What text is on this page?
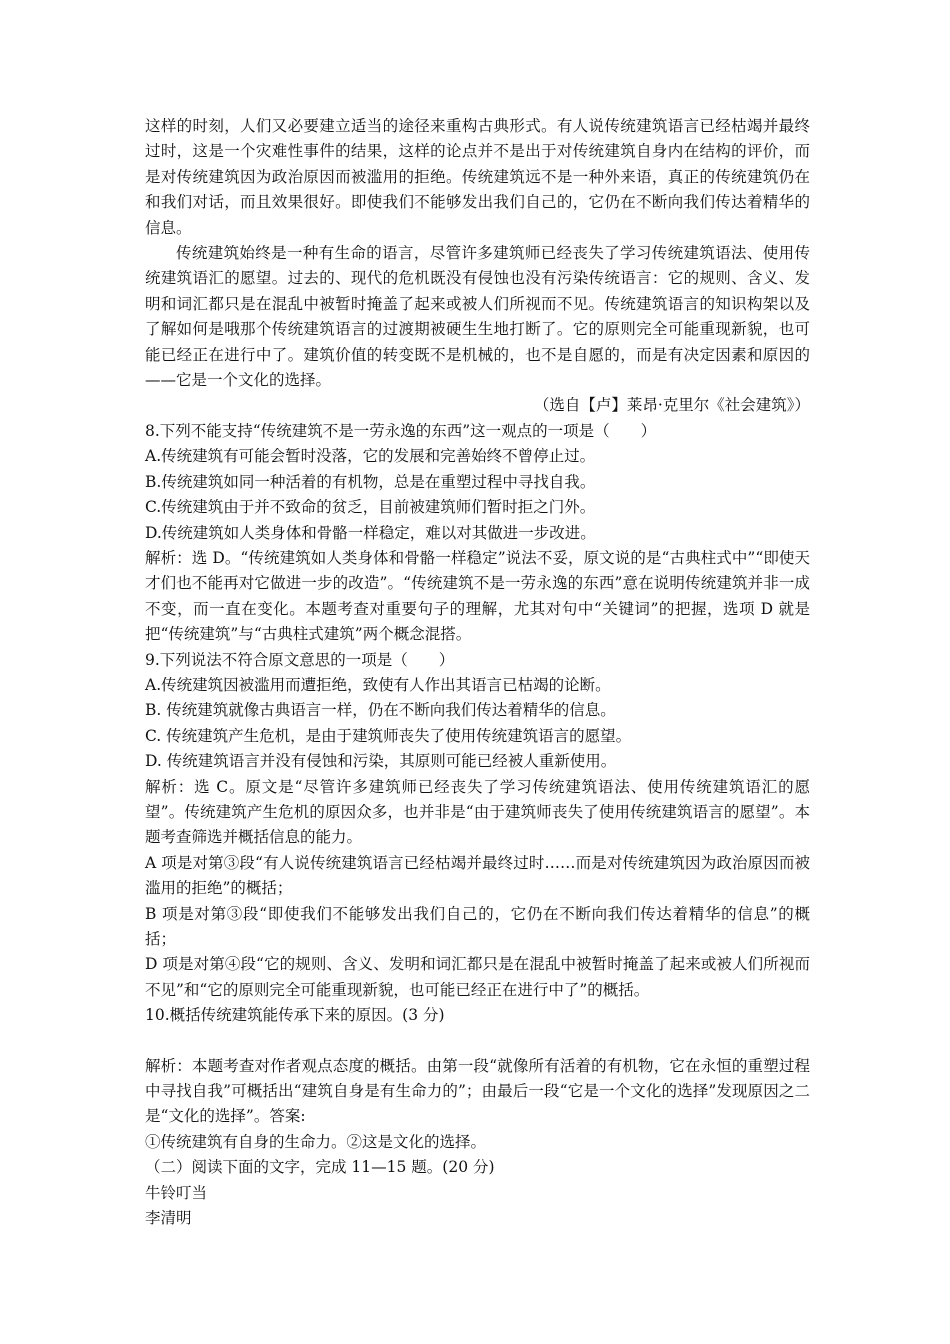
这样的时刻，人们又必要建立适当的途径来重构古典形式。有人说传统建筑语言已经枯竭并最终过时，这是一个灾难性事件的结果，这样的论点并不是出于对传统建筑自身内在结构的评价，而是对传统建筑因为政治原因而被滥用的拒绝。传统建筑远不是一种外来语，真正的传统建筑仍在和我们对话，而且效果很好。即使我们不能够发出我们自己的，它仍在不断向我们传达着精华的信息。

传统建筑始终是一种有生命的语言，尽管许多建筑师已经丧失了学习传统建筑语法、使用传统建筑语汇的愿望。过去的、现代的危机既没有侵蚀也没有污染传统语言：它的规则、含义、发明和词汇都只是在混乱中被暂时掩盖了起来或被人们所视而不见。传统建筑语言的知识构架以及了解如何是哦那个传统建筑语言的过渡期被硬生生地打断了。它的原则完全可能重现新貌，也可能已经正在进行中了。建筑价值的转变既不是机械的，也不是自愿的，而是有决定因素和原因的——它是一个文化的选择。

（选自【卢】莱昂·克里尔《社会建筑》）

8.下列不能支持“传统建筑不是一劳永逸的东西”这一观点的一项是（　　）

A.传统建筑有可能会暂时没落，它的发展和完善始终不曾停止过。

B.传统建筑如同一种活着的有机物，总是在重塑过程中寻找自我。

C.传统建筑由于并不致命的贫乏，目前被建筑师们暂时拒之门外。

D.传统建筑如人类身体和骨骼一样稳定，难以对其做进一步改进。

解析：选 D。“传统建筑如人类身体和骨骼一样稳定”说法不妥，原文说的是“古典柱式中”“即使天才们也不能再对它做进一步的改造”。“传统建筑不是一劳永逸的东西”意在说明传统建筑并非一成不变，而一直在变化。本题考查对重要句子的理解，尤其对句中“关键词”的把握，选项 D 就是把“传统建筑”与“古典柱式建筑”两个概念混搭。

9.下列说法不符合原文意思的一项是（　　）

A.传统建筑因被滥用而遭拒绝，致使有人作出其语言已枯竭的论断。

B. 传统建筑就像古典语言一样，仍在不断向我们传达着精华的信息。

C. 传统建筑产生危机，是由于建筑师丧失了使用传统建筑语言的愿望。

D. 传统建筑语言并没有侵蚀和污染，其原则可能已经被人重新使用。

解析：选 C。原文是“尽管许多建筑师已经丧失了学习传统建筑语法、使用传统建筑语汇的愿望”。传统建筑产生危机的原因众多，也并非是“由于建筑师丧失了使用传统建筑语言的愿望”。本题考查筛选并概括信息的能力。

A 项是对第③段“有人说传统建筑语言已经枯竭并最终过时……而是对传统建筑因为政治原因而被滥用的拒绝”的概括；

B 项是对第③段“即使我们不能够发出我们自己的，它仍在不断向我们传达着精华的信息”的概括；

D 项是对第④段“它的规则、含义、发明和词汇都只是在混乱中被暂时掩盖了起来或被人们所视而不见”和“它的原则完全可能重现新貌，也可能已经正在进行中了”的概括。

10.概括传统建筑能传承下来的原因。(3 分)

解析：本题考查对作者观点态度的概括。由第一段“就像所有活着的有机物，它在永恒的重塑过程中寻找自我”可概括出“建筑自身是有生命力的”；由最后一段“它是一个文化的选择”发现原因之二是“文化的选择”。答案:

①传统建筑有自身的生命力。②这是文化的选择。

（二）阅读下面的文字，完成 11—15 题。(20 分)

牛铃叮当

李清明
